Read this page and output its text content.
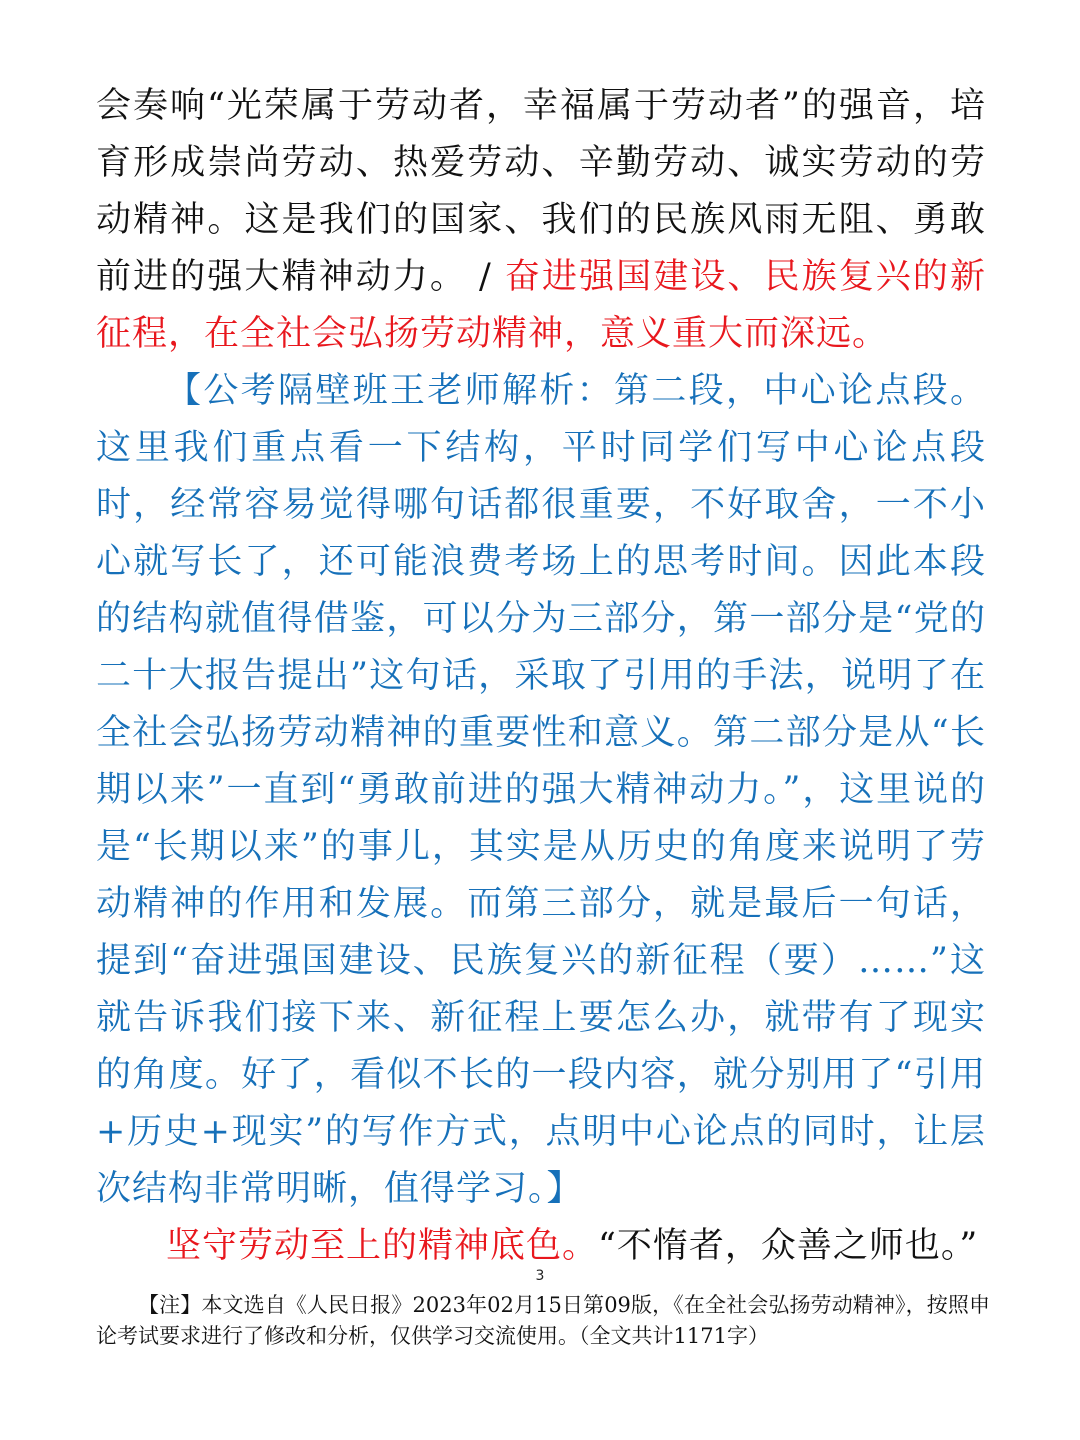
会奏响“光荣属于劳动者，幸福属于劳动者”的强音，培育形成崇尚劳动、热爱劳动、辛勤劳动、诚实劳动的劳动精神。这是我们的国家、我们的民族风雨无阻、勇敢前进的强大精神动力。 / 奋进强国建设、民族复兴的新征程，在全社会弘扬劳动精神，意义重大而深远。

【公考隔壁班王老师解析：第二段，中心论点段。这里我们重点看一下结构，平时同学们写中心论点段时，经常容易觉得哪句话都很重要，不好取舍，一不小心就写长了，还可能浪费考场上的思考时间。因此本段的结构就值得借鉴，可以分为三部分，第一部分是“党的二十大报告提出”这句话，采取了引用的手法，说明了在全社会弘扬劳动精神的重要性和意义。第二部分是从“长期以来”一直到“勇敢前进的强大精神动力。”，这里说的是“长期以来”的事儿，其实是从历史的角度来说明了劳动精神的作用和发展。而第三部分，就是最后一句话，提到“奋进强国建设、民族复兴的新征程（要）……”这就告诉我们接下来、新征程上要怎么办，就带有了现实的角度。好了，看似不长的一段内容，就分别用了“引用+历史+现实”的写作方式，点明中心论点的同时，让层次结构非常明晰，值得学习。】

坚守劳动至上的精神底色。“不惰者，众善之师也。”

3
【注】本文选自《人民日报》2023年02月15日第09版，《在全社会弘扬劳动精神》，按照申论考试要求进行了修改和分析，仅供学习交流使用。（全文共计1171字）
